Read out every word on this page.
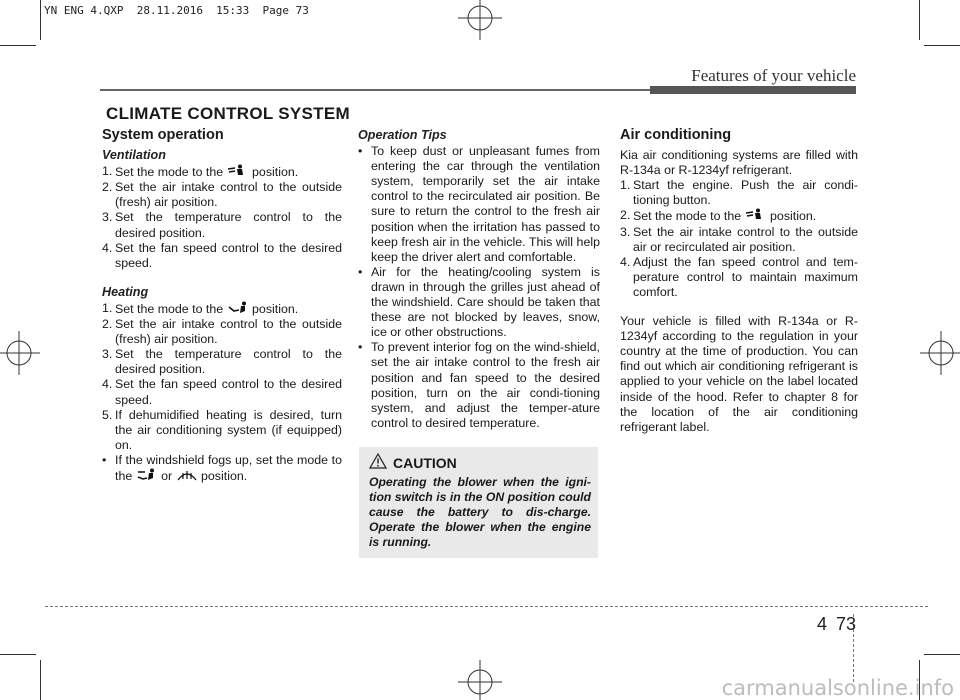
YN ENG 4.QXP  28.11.2016  15:33  Page 73
Features of your vehicle
CLIMATE CONTROL SYSTEM
System operation
Ventilation
1. Set the mode to the  position.
2. Set the air intake control to the outside (fresh) air position.
3. Set the temperature control to the desired position.
4. Set the fan speed control to the desired speed.
Heating
1. Set the mode to the  position.
2. Set the air intake control to the outside (fresh) air position.
3. Set the temperature control to the desired position.
4. Set the fan speed control to the desired speed.
5. If dehumidified heating is desired, turn the air conditioning system (if equipped) on.
• If the windshield fogs up, set the mode to the  or  position.
Operation Tips
• To keep dust or unpleasant fumes from entering the car through the ventilation system, temporarily set the air intake control to the recirculated air position. Be sure to return the control to the fresh air position when the irritation has passed to keep fresh air in the vehicle. This will help keep the driver alert and comfortable.
• Air for the heating/cooling system is drawn in through the grilles just ahead of the windshield. Care should be taken that these are not blocked by leaves, snow, ice or other obstructions.
• To prevent interior fog on the wind-shield, set the air intake control to the fresh air position and fan speed to the desired position, turn on the air condi-tioning system, and adjust the temper-ature control to desired temperature.
CAUTION
Operating the blower when the igni-tion switch is in the ON position could cause the battery to dis-charge. Operate the blower when the engine is running.
Air conditioning
Kia air conditioning systems are filled with R-134a or R-1234yf refrigerant.
1. Start the engine. Push the air condi-tioning button.
2. Set the mode to the  position.
3. Set the air intake control to the outside air or recirculated air position.
4. Adjust the fan speed control and tem-perature control to maintain maximum comfort.
Your vehicle is filled with R-134a or R-1234yf according to the regulation in your country at the time of production. You can find out which air conditioning refrigerant is applied to your vehicle on the label located inside of the hood. Refer to chapter 8 for the location of the air conditioning refrigerant label.
4 73
carmanualsonline.info
